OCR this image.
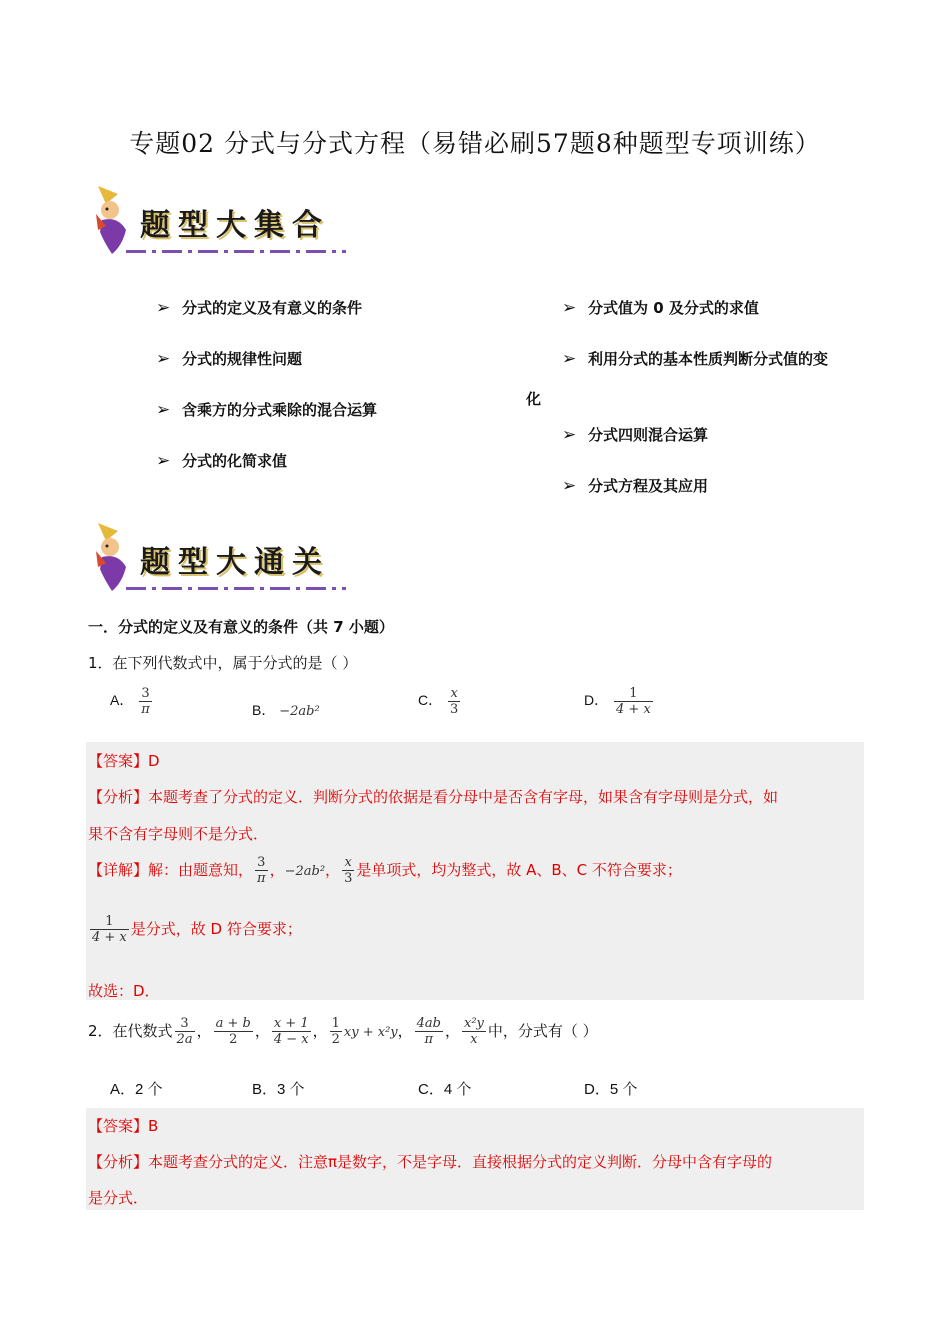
专题02 分式与分式方程（易错必刷57题8种题型专项训练）
题型大集合
➢ 分式的定义及有意义的条件
➢ 分式的规律性问题
➢ 含乘方的分式乘除的混合运算
➢ 分式的化简求值
➢ 分式值为 0 及分式的求值
➢ 利用分式的基本性质判断分式值的变
化
➢ 分式四则混合运算
➢ 分式方程及其应用
题型大通关
一．分式的定义及有意义的条件（共 7 小题）
1．在下列代数式中，属于分式的是（ ）
A． $\frac{3}{\pi}$	B． −2ab²
C． $\frac{x}{3}$	D． $\frac{1}{4 + x}$
【答案】D
【分析】本题考查了分式的定义．判断分式的依据是看分母中是否含有字母，如果含有字母则是分式，如
果不含有字母则不是分式．
【详解】解：由题意知， $\frac{3}{\pi}$ ，−2ab²， $\frac{x}{3}$ 是单项式，均为整式，故 A、B、C 不符合要求；
$\frac{1}{4 + x}$ 是分式，故 D 符合要求；
故选：D．
2．在代数式 $\frac{3}{2a}$ ， $\frac{a + b}{2}$ ， $\frac{x + 1}{4 - x}$ ， $\frac{1}{2}$ xy + x²y， $\frac{4ab}{\pi}$ ， $\frac{\text{x²y}}{x}$ 中，分式有（ ）
A．2 个	B．3 个	C．4 个	D．5 个
【答案】B
【分析】本题考查分式的定义．注意π是数字，不是字母．直接根据分式的定义判断．分母中含有字母的
是分式．
